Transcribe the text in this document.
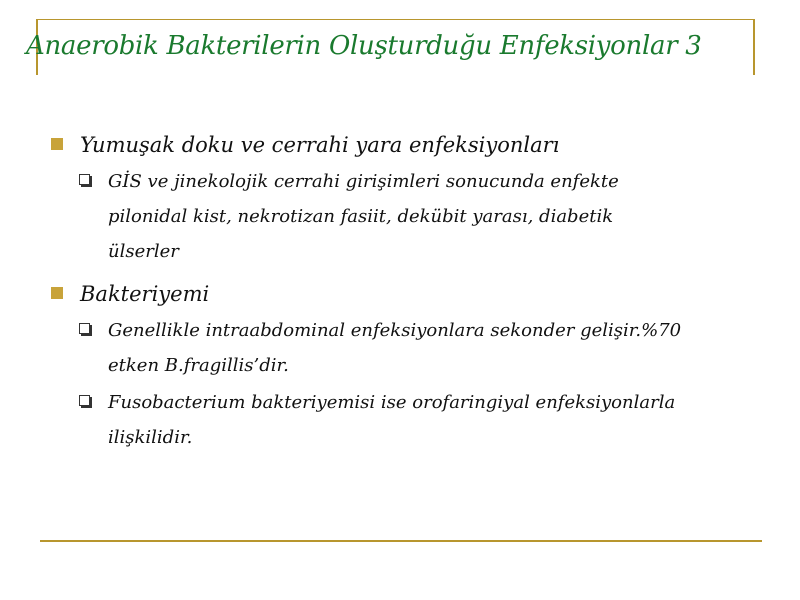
Anaerobik Bakterilerin Oluşturduğu Enfeksiyonlar 3
Yumuşak doku ve cerrahi yara enfeksiyonları
GİS ve jinekolojik cerrahi girişimleri sonucunda enfekte
pilonidal kist, nekrotizan fasiit, dekübit yarası, diabetik
ülserler
Bakteriyemi
Genellikle intraabdominal enfeksiyonlara sekonder gelişir.%70
etken B.fragillis’dir.
Fusobacterium bakteriyemisi ise orofaringiyal enfeksiyonlarla
ilişkilidir.
